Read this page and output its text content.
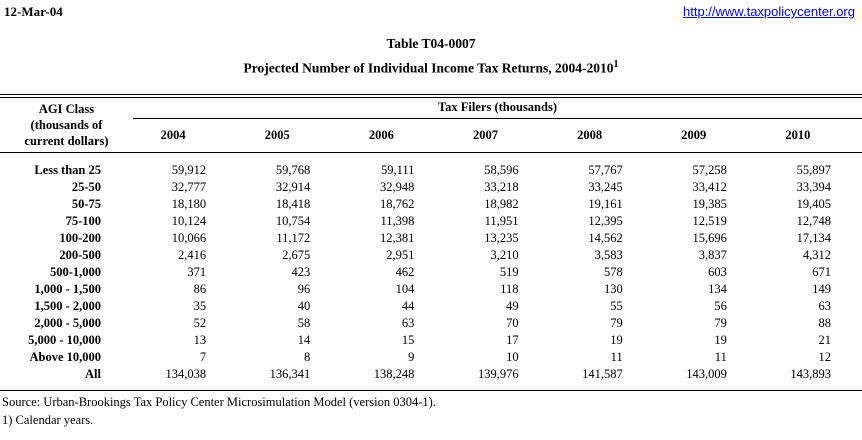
12-Mar-04	http://www.taxpolicycenter.org
Table T04-0007
Projected Number of Individual Income Tax Returns, 2004-2010$^1$
AGI Class
(thousands of
current dollars)	Tax Filers (thousands)						
	2004	2005	2006	2007	2008	2009	2010
Less than 25	59,912	59,768	59,111	58,596	57,767	57,258	55,897
25-50	32,777	32,914	32,948	33,218	33,245	33,412	33,394
50-75	18,180	18,418	18,762	18,982	19,161	19,385	19,405
75-100	10,124	10,754	11,398	11,951	12,395	12,519	12,748
100-200	10,066	11,172	12,381	13,235	14,562	15,696	17,134
200-500	2,416	2,675	2,951	3,210	3,583	3,837	4,312
500-1,000	371	423	462	519	578	603	671
1,000 - 1,500	86	96	104	118	130	134	149
1,500 - 2,000	35	40	44	49	55	56	63
2,000 - 5,000	52	58	63	70	79	79	88
5,000 - 10,000	13	14	15	17	19	19	21
Above 10,000	7	8	9	10	11	11	12
All	134,038	136,341	138,248	139,976	141,587	143,009	143,893
Source: Urban-Brookings Tax Policy Center Microsimulation Model (version 0304-1).
1) Calendar years.
